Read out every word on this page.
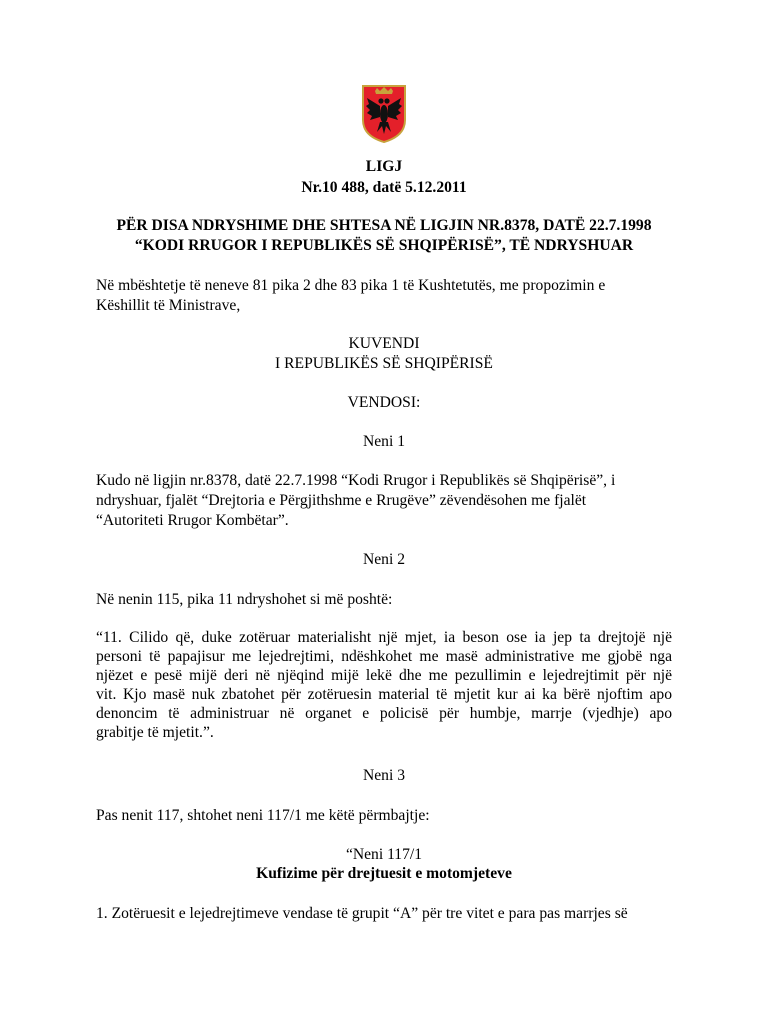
LIGJ

Nr.10 488, datë 5.12.2011

PËR DISA NDRYSHIME DHE SHTESA NË LIGJIN NR.8378, DATË 22.7.1998

“KODI RRUGOR I REPUBLIKËS SË SHQIPËRISË”, TË NDRYSHUAR

Në mbështetje të neneve 81 pika 2 dhe 83 pika 1 të Kushtetutës, me propozimin e

Këshillit të Ministrave,

KUVENDI

I REPUBLIKËS SË SHQIPËRISË

VENDOSI:

Neni 1

Kudo në ligjin nr.8378, datë 22.7.1998 “Kodi Rrugor i Republikës së Shqipërisë”, i

ndryshuar, fjalët “Drejtoria e Përgjithshme e Rrugëve” zëvendësohen me fjalët

“Autoriteti Rrugor Kombëtar”.

Neni 2

Në nenin 115, pika 11 ndryshohet si më poshtë:

“11. Cilido që, duke zotëruar materialisht një mjet, ia beson ose ia jep ta drejtojë një
personi të papajisur me lejedrejtimi, ndëshkohet me masë administrative me gjobë nga
njëzet e pesë mijë deri në njëqind mijë lekë dhe me pezullimin e lejedrejtimit për një
vit. Kjo masë nuk zbatohet për zotëruesin material të mjetit kur ai ka bërë njoftim apo
denoncim të administruar në organet e policisë për humbje, marrje (vjedhje) apo
grabitje të mjetit.”.

Neni 3

Pas nenit 117, shtohet neni 117/1 me këtë përmbajtje:

“Neni 117/1

Kufizime për drejtuesit e motomjeteve

1. Zotëruesit e lejedrejtimeve vendase të grupit “A” për tre vitet e para pas marrjes së
